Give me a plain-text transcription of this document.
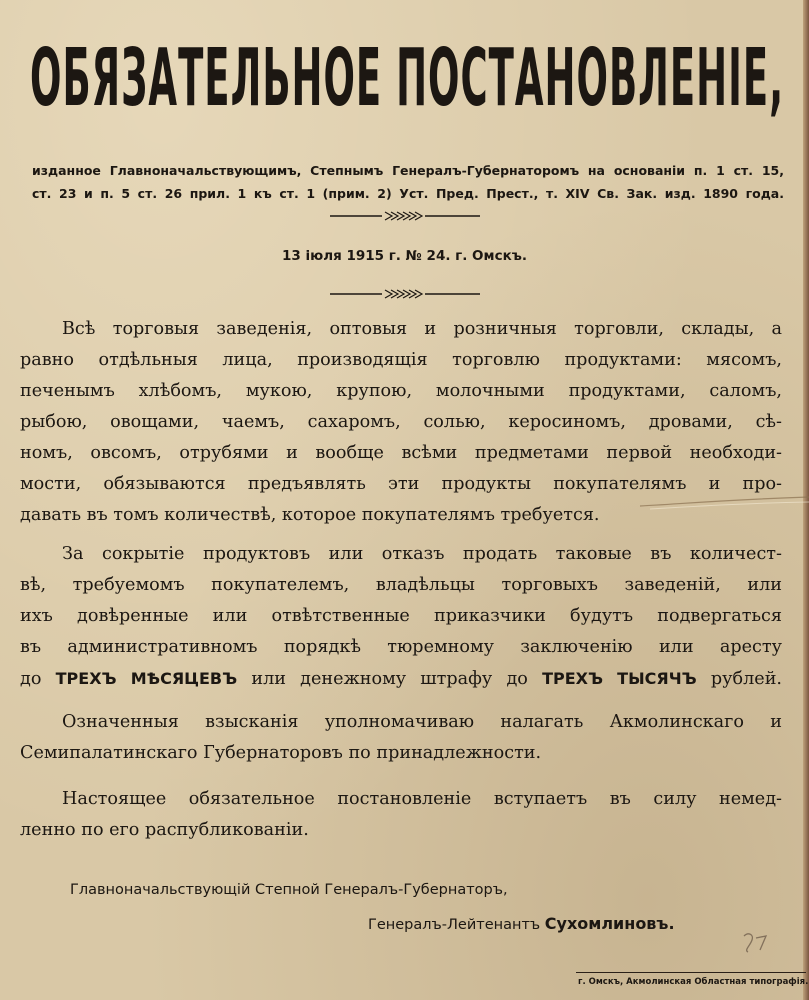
ОБЯЗАТЕЛЬНОЕ ПОСТАНОВЛЕНІЕ,
изданное Главноначальствующимъ, Степнымъ Генералъ-Губернаторомъ на основаніи п. 1 ст. 15,
ст. 23 и п. 5 ст. 26 прил. 1 къ ст. 1 (прим. 2) Уст. Пред. Прест., т. XIV Св. Зак. изд. 1890 года.
13 іюля 1915 г. № 24. г. Омскъ.
Всѣ торговыя заведенія, оптовыя и розничныя торговли, склады, а
равно отдѣльныя лица, производящія торговлю продуктами: мясомъ,
печенымъ хлѣбомъ, мукою, крупою, молочными продуктами, саломъ,
рыбою, овощами, чаемъ, сахаромъ, солью, керосиномъ, дровами, сѣ-
номъ, овсомъ, отрубями и вообще всѣми предметами первой необходи-
мости, обязываются предъявлять эти продукты покупателямъ и про-
давать въ томъ количествѣ, которое покупателямъ требуется.
За сокрытіе продуктовъ или отказъ продать таковые въ количест-
вѣ, требуемомъ покупателемъ, владѣльцы торговыхъ заведеній, или
ихъ довѣренные или отвѣтственные приказчики будутъ подвергаться
въ административномъ порядкѣ тюремному заключенію или аресту
до ТРЕХЪ МѢСЯЦЕВЪ или денежному штрафу до ТРЕХЪ ТЫСЯЧЪ рублей.
Означенныя взысканія уполномачиваю налагать Акмолинскаго и
Семипалатинскаго Губернаторовъ по принадлежности.
Настоящее обязательное постановленіе вступаетъ въ силу немед-
ленно по его распубликованіи.
Главноначальствующій Степной Генералъ-Губернаторъ,
Генералъ-Лейтенантъ Сухомлиновъ.
г. Омскъ, Акмолинская Областная типографія.
